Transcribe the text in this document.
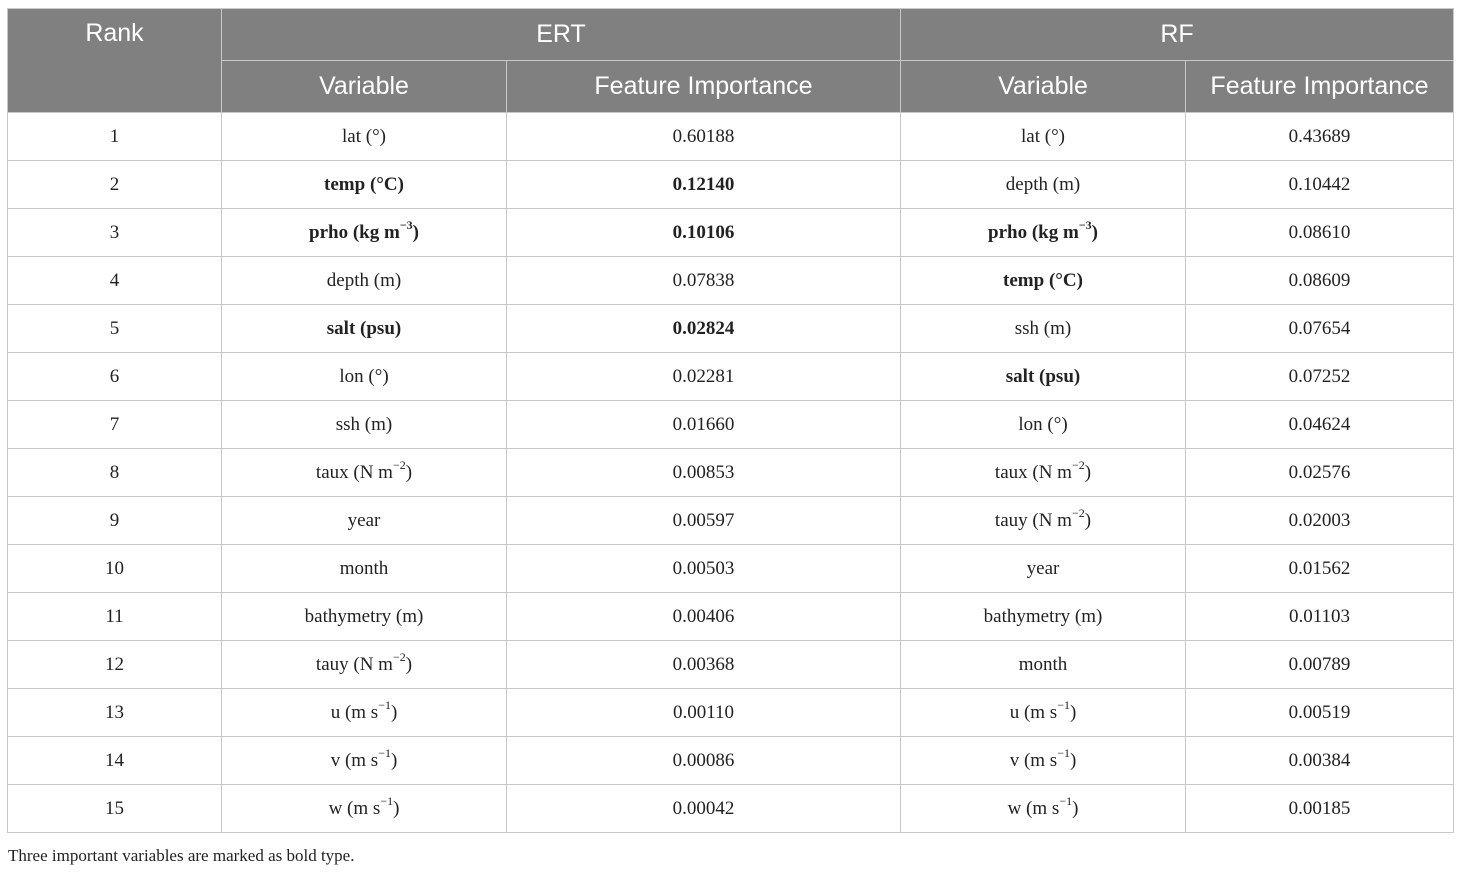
Rank	ERT		RF	
	Variable	Feature Importance	Variable	Feature Importance
1	lat (°)	0.60188	lat (°)	0.43689
2	temp (°C)	0.12140	depth (m)	0.10442
3	prho (kg $m^{-3}$)	0.10106	prho (kg $m^{-3}$)	0.08610
4	depth (m)	0.07838	temp (°C)	0.08609
5	salt (psu)	0.02824	ssh (m)	0.07654
6	lon (°)	0.02281	salt (psu)	0.07252
7	ssh (m)	0.01660	lon (°)	0.04624
8	taux (N $m^{-2}$)	0.00853	taux (N $m^{-2}$)	0.02576
9	year	0.00597	tauy (N $m^{-2}$)	0.02003
10	month	0.00503	year	0.01562
11	bathymetry (m)	0.00406	bathymetry (m)	0.01103
12	tauy (N $m^{-2}$)	0.00368	month	0.00789
13	u (m $s^{-1}$)	0.00110	u (m $s^{-1}$)	0.00519
14	v (m $s^{-1}$)	0.00086	v (m $s^{-1}$)	0.00384
15	w (m $s^{-1}$)	0.00042	w (m $s^{-1}$)	0.00185

Three important variables are marked as bold type.
